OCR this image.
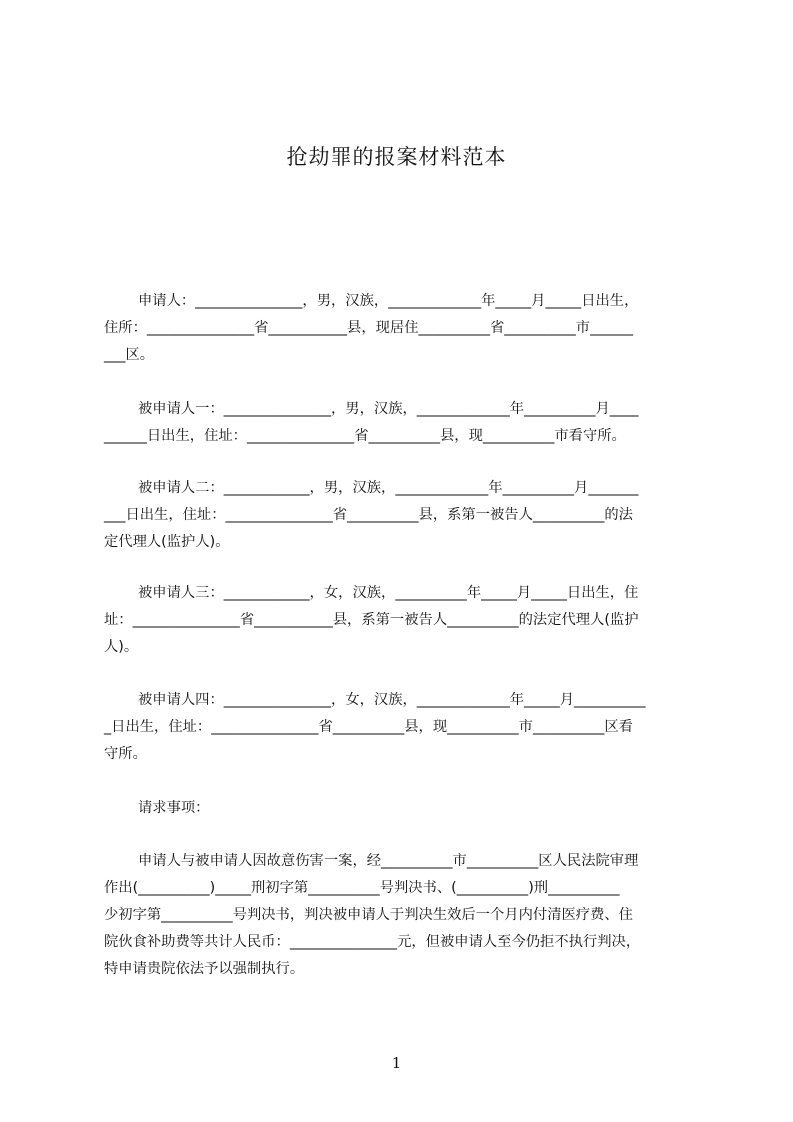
抢劫罪的报案材料范本

申请人：_______________，男，汉族，_____________年_____月_____日出生，
住所：_______________省___________县，现居住__________省__________市______
___区。

被申请人一：_______________，男，汉族，_____________年__________月____
______日出生，住址：_______________省__________县，现__________市看守所。

被申请人二：____________，男，汉族，_____________年__________月_______
___日出生，住址：_______________省__________县，系第一被告人__________的法
定代理人(监护人)。

被申请人三：____________，女，汉族，__________年_____月_____日出生，住
址：_______________省___________县，系第一被告人__________的法定代理人(监护
人)。

被申请人四：_______________，女，汉族，_____________年_____月__________
_日出生，住址：_______________省__________县，现__________市__________区看
守所。

请求事项：

申请人与被申请人因故意伤害一案，经__________市__________区人民法院审理
作出(__________)_____刑初字第__________号判决书、(__________)刑__________
少初字第__________号判决书，判决被申请人于判决生效后一个月内付清医疗费、住
院伙食补助费等共计人民币：_______________元，但被申请人至今仍拒不执行判决，
特申请贵院依法予以强制执行。

1
